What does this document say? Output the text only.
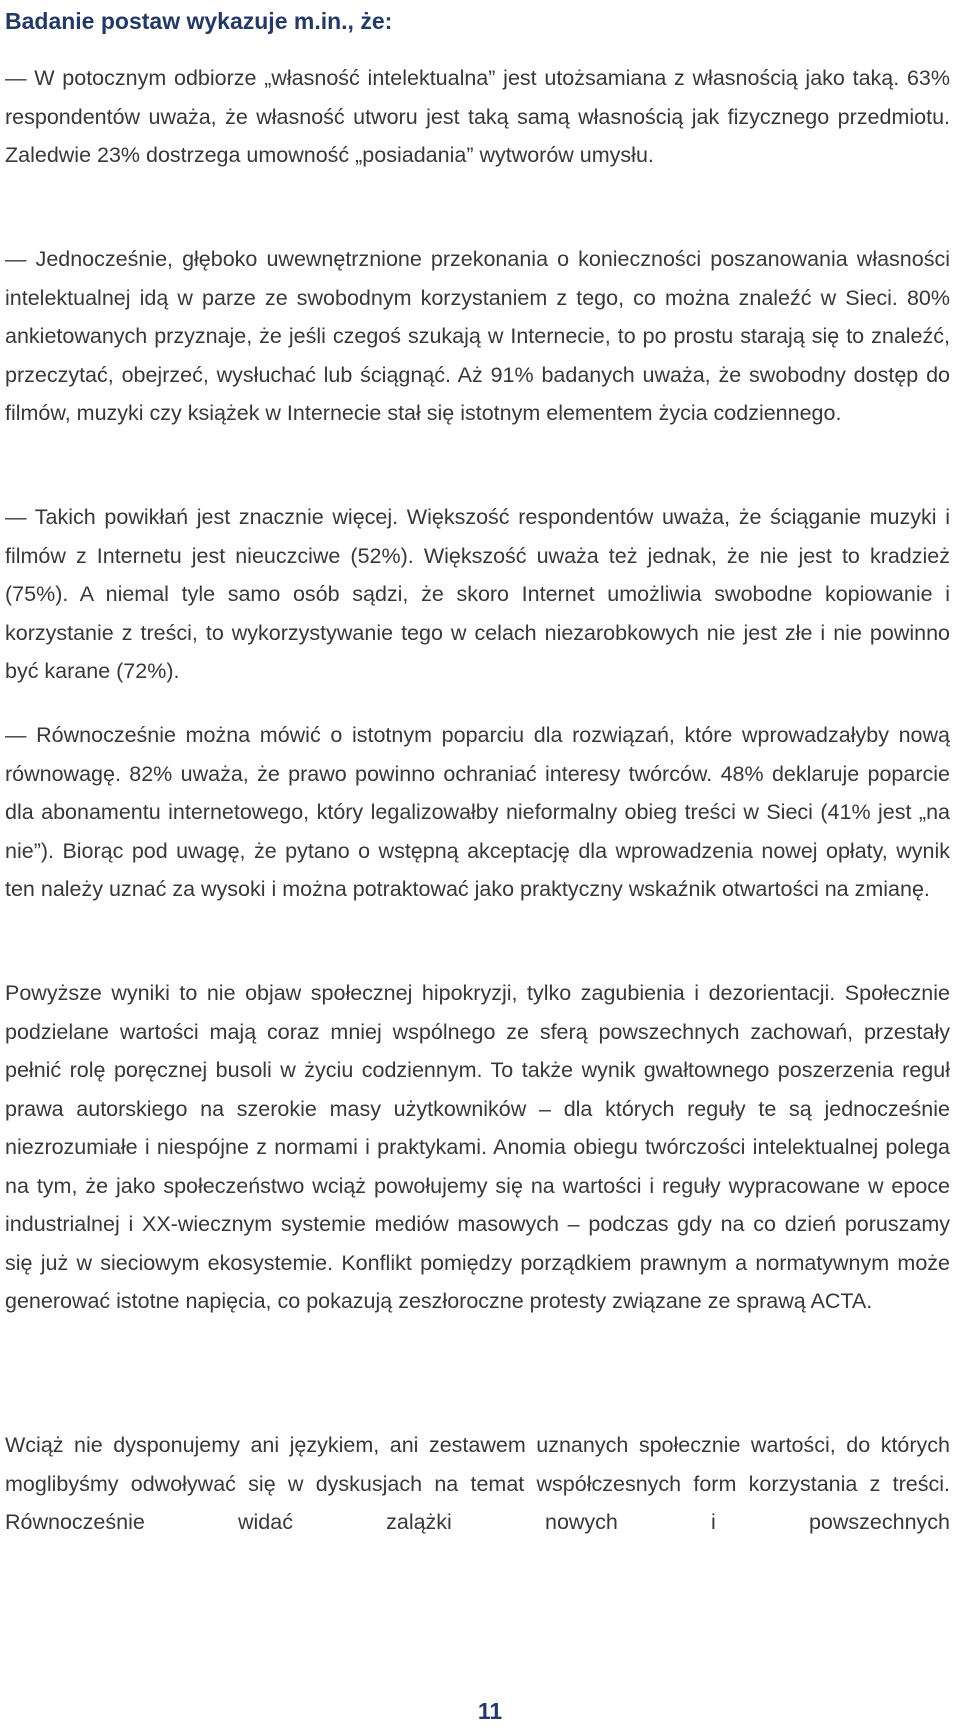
Badanie postaw wykazuje m.in., że:

— W potocznym odbiorze „własność intelektualna” jest utożsamiana z własnością jako taką. 63% respondentów uważa, że własność utworu jest taką samą własnością jak fizycznego przedmiotu. Zaledwie 23% dostrzega umowność „posiadania” wytworów umysłu.

— Jednocześnie, głęboko uwewnętrznione przekonania o konieczności poszanowania własności intelektualnej idą w parze ze swobodnym korzystaniem z tego, co można znaleźć w Sieci. 80% ankietowanych przyznaje, że jeśli czegoś szukają w Internecie, to po prostu starają się to znaleźć, przeczytać, obejrzeć, wysłuchać lub ściągnąć. Aż 91% badanych uważa, że swobodny dostęp do filmów, muzyki czy książek w Internecie stał się istotnym elementem życia codziennego.

— Takich powikłań jest znacznie więcej. Większość respondentów uważa, że ściąganie muzyki i filmów z Internetu jest nieuczciwe (52%). Większość uważa też jednak, że nie jest to kradzież (75%). A niemal tyle samo osób sądzi, że skoro Internet umożliwia swobodne kopiowanie i korzystanie z treści, to wykorzystywanie tego w celach niezarobkowych nie jest złe i nie powinno być karane (72%).

— Równocześnie można mówić o istotnym poparciu dla rozwiązań, które wprowadzałyby nową równowagę. 82% uważa, że prawo powinno ochraniać interesy twórców. 48% deklaruje poparcie dla abonamentu internetowego, który legalizowałby nieformalny obieg treści w Sieci (41% jest „na nie”). Biorąc pod uwagę, że pytano o wstępną akceptację dla wprowadzenia nowej opłaty, wynik ten należy uznać za wysoki i można potraktować jako praktyczny wskaźnik otwartości na zmianę.

Powyższe wyniki to nie objaw społecznej hipokryzji, tylko zagubienia i dezorientacji. Społecznie podzielane wartości mają coraz mniej wspólnego ze sferą powszechnych zachowań, przestały pełnić rolę poręcznej busoli w życiu codziennym. To także wynik gwałtownego poszerzenia reguł prawa autorskiego na szerokie masy użytkowników – dla których reguły te są jednocześnie niezrozumiałe i niespójne z normami i praktykami. Anomia obiegu twórczości intelektualnej polega na tym, że jako społeczeństwo wciąż powołujemy się na wartości i reguły wypracowane w epoce industrialnej i XX-wiecznym systemie mediów masowych – podczas gdy na co dzień poruszamy się już w sieciowym ekosystemie. Konflikt pomiędzy porządkiem prawnym a normatywnym może generować istotne napięcia, co pokazują zeszłoroczne protesty związane ze sprawą ACTA.

Wciąż nie dysponujemy ani językiem, ani zestawem uznanych społecznie wartości, do których moglibyśmy odwoływać się w dyskusjach na temat współczesnych form korzystania z treści. Równocześnie widać zalążki nowych i powszechnych

11
